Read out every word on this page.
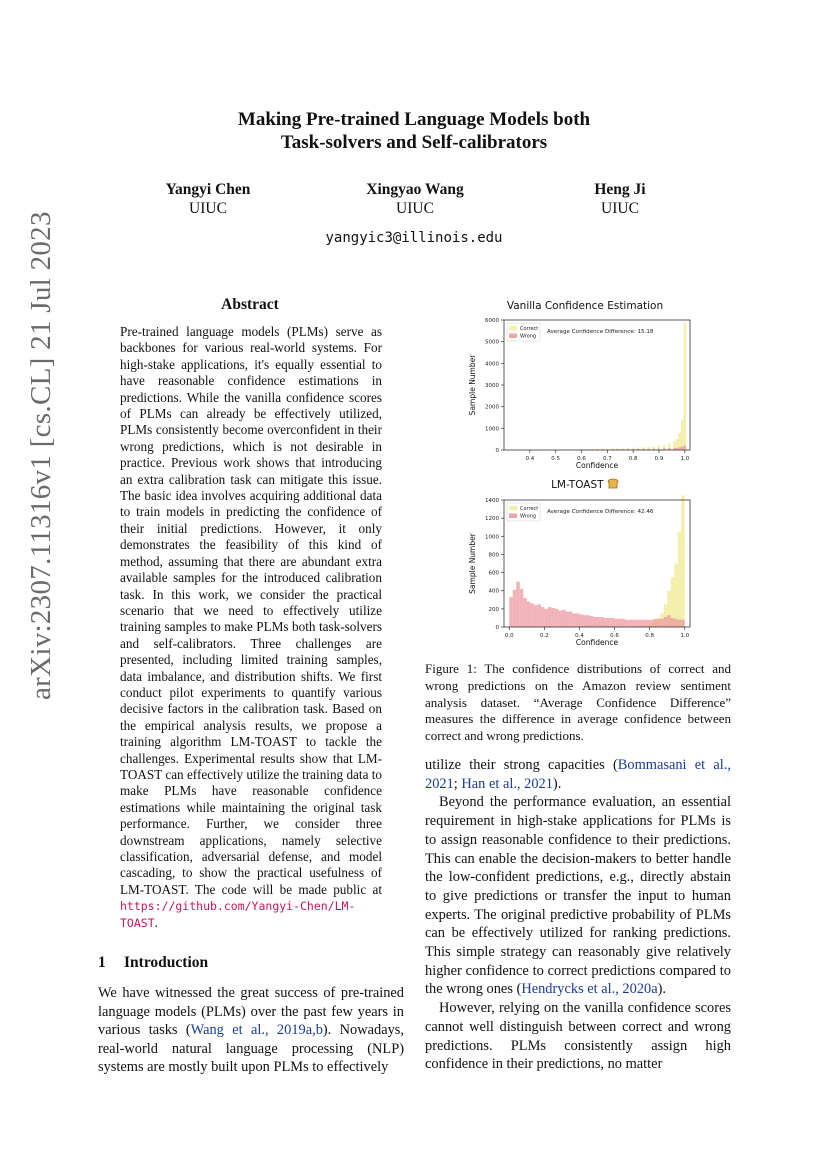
Making Pre-trained Language Models both
Task-solvers and Self-calibrators
Yangyi Chen
UIUC
Xingyao Wang
UIUC
Heng Ji
UIUC
yangyic3@illinois.edu
arXiv:2307.11316v1 [cs.CL] 21 Jul 2023	Abstract
Pre-trained language models (PLMs) serve as backbones for various real-world systems. For high-stake applications, it's equally essential to have reasonable confidence estimations in predictions. While the vanilla confidence scores of PLMs can already be effectively utilized, PLMs consistently become overconfident in their wrong predictions, which is not desirable in practice. Previous work shows that introducing an extra calibration task can mitigate this issue. The basic idea involves acquiring additional data to train models in predicting the confidence of their initial predictions. However, it only demonstrates the feasibility of this kind of method, assuming that there are abundant extra available samples for the introduced calibration task. In this work, we consider the practical scenario that we need to effectively utilize training samples to make PLMs both task-solvers and self-calibrators. Three challenges are presented, including limited training samples, data imbalance, and distribution shifts. We first conduct pilot experiments to quantify various decisive factors in the calibration task. Based on the empirical analysis results, we propose a training algorithm LM-TOAST to tackle the challenges. Experimental results show that LM-TOAST can effectively utilize the training data to make PLMs have reasonable confidence estimations while maintaining the original task performance. Further, we consider three downstream applications, namely selective classification, adversarial defense, and model cascading, to show the practical usefulness of LM-TOAST. The code will be made public at https://github.com/Yangyi-Chen/LM-TOAST.
1 Introduction
We have witnessed the great success of pre-trained language models (PLMs) over the past few years in various tasks (Wang et al., 2019a,b). Nowadays, real-world natural language processing (NLP) systems are mostly built upon PLMs to effectively
Vanilla Confidence Estimation
0.4	0.5	0.6	0.7	0.8	0.9	1.0
0
1000
2000
3000
4000
5000
6000
Confidence
Sample Number
Correct
Wrong
Average Confidence Difference: 15.18
LM-TOAST
0.0	0.2	0.4	0.6	0.8	1.0
0
200
400
600
800
1000
1200
1400
Confidence
Sample Number
Correct
Wrong
Average Confidence Difference: 42.46
Figure 1: The confidence distributions of correct and wrong predictions on the Amazon review sentiment analysis dataset. “Average Confidence Difference” measures the difference in average confidence between correct and wrong predictions.

utilize their strong capacities (Bommasani et al., 2021; Han et al., 2021).

Beyond the performance evaluation, an essential requirement in high-stake applications for PLMs is to assign reasonable confidence to their predictions. This can enable the decision-makers to better handle the low-confident predictions, e.g., directly abstain to give predictions or transfer the input to human experts. The original predictive probability of PLMs can be effectively utilized for ranking predictions. This simple strategy can reasonably give relatively higher confidence to correct predictions compared to the wrong ones (Hendrycks et al., 2020a).

However, relying on the vanilla confidence scores cannot well distinguish between correct and wrong predictions. PLMs consistently assign high confidence in their predictions, no matter
